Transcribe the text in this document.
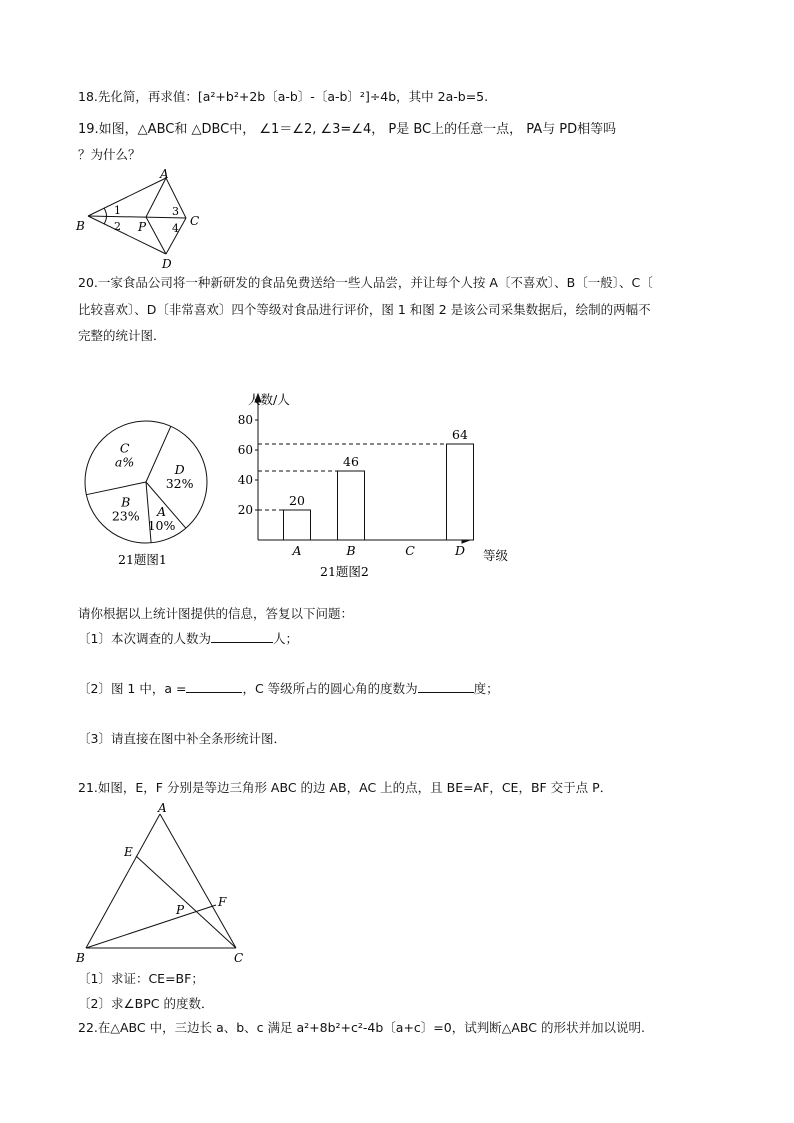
18.先化简，再求值：[a²+b²+2b〔a-b〕-〔a-b〕²]÷4b，其中 2a-b=5.
19.如图，△ABC和 △DBC中， ∠1＝∠2, ∠3=∠4， P是 BC上的任意一点， PA与 PD相等吗
？为什么？
A
B	C
D
P
1
2
3
4
20.一家食品公司将一种新研发的食品免费送给一些人品尝，并让每个人按 A〔不喜欢〕、B〔一般〕、C〔
比较喜欢〕、D〔非常喜欢〕四个等级对食品进行评价，图 1 和图 2 是该公司采集数据后，绘制的两幅不
完整的统计图．
C
a%	D
32%
A
10%
B
23%
21题图1
20
40
60
80
A
20
B
46
C	D
64
人数/人
等级
21题图2
请你根据以上统计图提供的信息，答复以下问题：
〔1〕本次调查的人数为	人；
〔2〕图 1 中，a =	，C 等级所占的圆心角的度数为	度；
〔3〕请直接在图中补全条形统计图．
21.如图，E，F 分别是等边三角形 ABC 的边 AB，AC 上的点，且 BE=AF，CE，BF 交于点 P．
A
B	C
E
F
P
〔1〕求证：CE=BF；
〔2〕求∠BPC 的度数．
22.在△ABC 中，三边长 a、b、c 满足 a²+8b²+c²-4b〔a+c〕=0，试判断△ABC 的形状并加以说明.
